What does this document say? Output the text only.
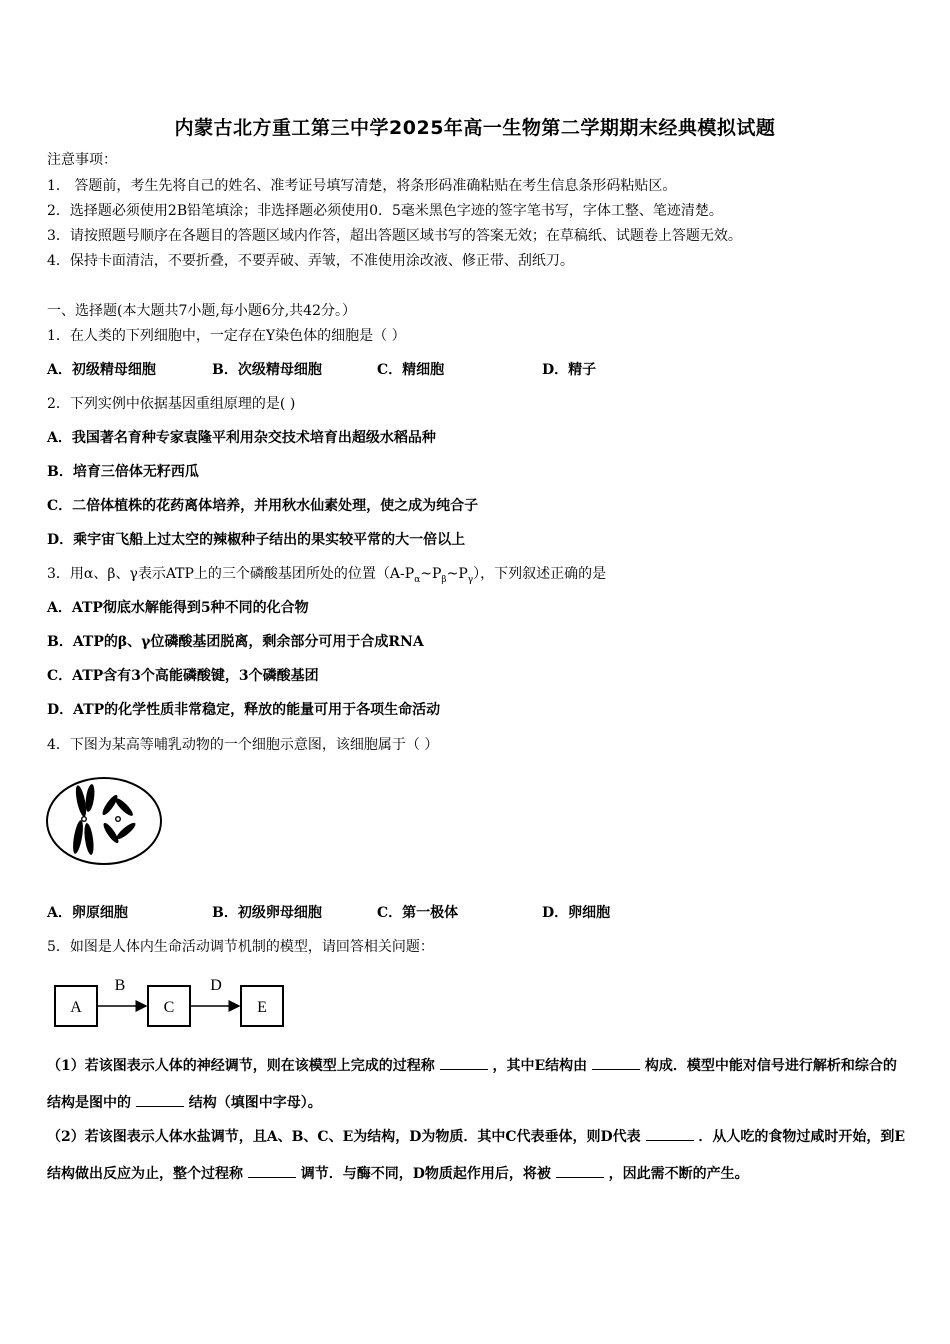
内蒙古北方重工第三中学2025年高一生物第二学期期末经典模拟试题
注意事项：
1． 答题前，考生先将自己的姓名、准考证号填写清楚，将条形码准确粘贴在考生信息条形码粘贴区。
2．选择题必须使用2B铅笔填涂；非选择题必须使用0．5毫米黑色字迹的签字笔书写，字体工整、笔迹清楚。
3．请按照题号顺序在各题目的答题区域内作答，超出答题区域书写的答案无效；在草稿纸、试题卷上答题无效。
4．保持卡面清洁，不要折叠，不要弄破、弄皱，不准使用涂改液、修正带、刮纸刀。
一、选择题(本大题共7小题,每小题6分,共42分。）
1．在人类的下列细胞中，一定存在Y染色体的细胞是（ ）
A．初级精母细胞	B．次级精母细胞	C．精细胞	D．精子
2．下列实例中依据基因重组原理的是( )
A．我国著名育种专家袁隆平利用杂交技术培育出超级水稻品种
B．培育三倍体无籽西瓜
C．二倍体植株的花药离体培养，并用秋水仙素处理，使之成为纯合子
D．乘宇宙飞船上过太空的辣椒种子结出的果实较平常的大一倍以上
3．用α、β、γ表示ATP上的三个磷酸基团所处的位置$(A-P_\alpha\sim P_\beta\sim P_\gamma)$，下列叙述正确的是
A．ATP彻底水解能得到5种不同的化合物
B．ATP的β、γ位磷酸基团脱离，剩余部分可用于合成RNA
C．ATP含有3个高能磷酸键，3个磷酸基团
D．ATP的化学性质非常稳定，释放的能量可用于各项生命活动
4．下图为某高等哺乳动物的一个细胞示意图，该细胞属于（ ）
A．卵原细胞	B．初级卵母细胞	C．第一极体	D．卵细胞
5．如图是人体内生命活动调节机制的模型，请回答相关问题：
A
B
C
D
E
（1）若该图表示人体的神经调节，则在该模型上完成的过程称	，其中E结构由	构成．模型中能对信号进行解析和综合的结构是图中的	结构（填图中字母）。
（2）若该图表示人体水盐调节，且A、B、C、E为结构，D为物质．其中C代表垂体，则D代表	．从人吃的食物过咸时开始，到E结构做出反应为止，整个过程称	调节．与酶不同，D物质起作用后，将被	，因此需不断的产生。
